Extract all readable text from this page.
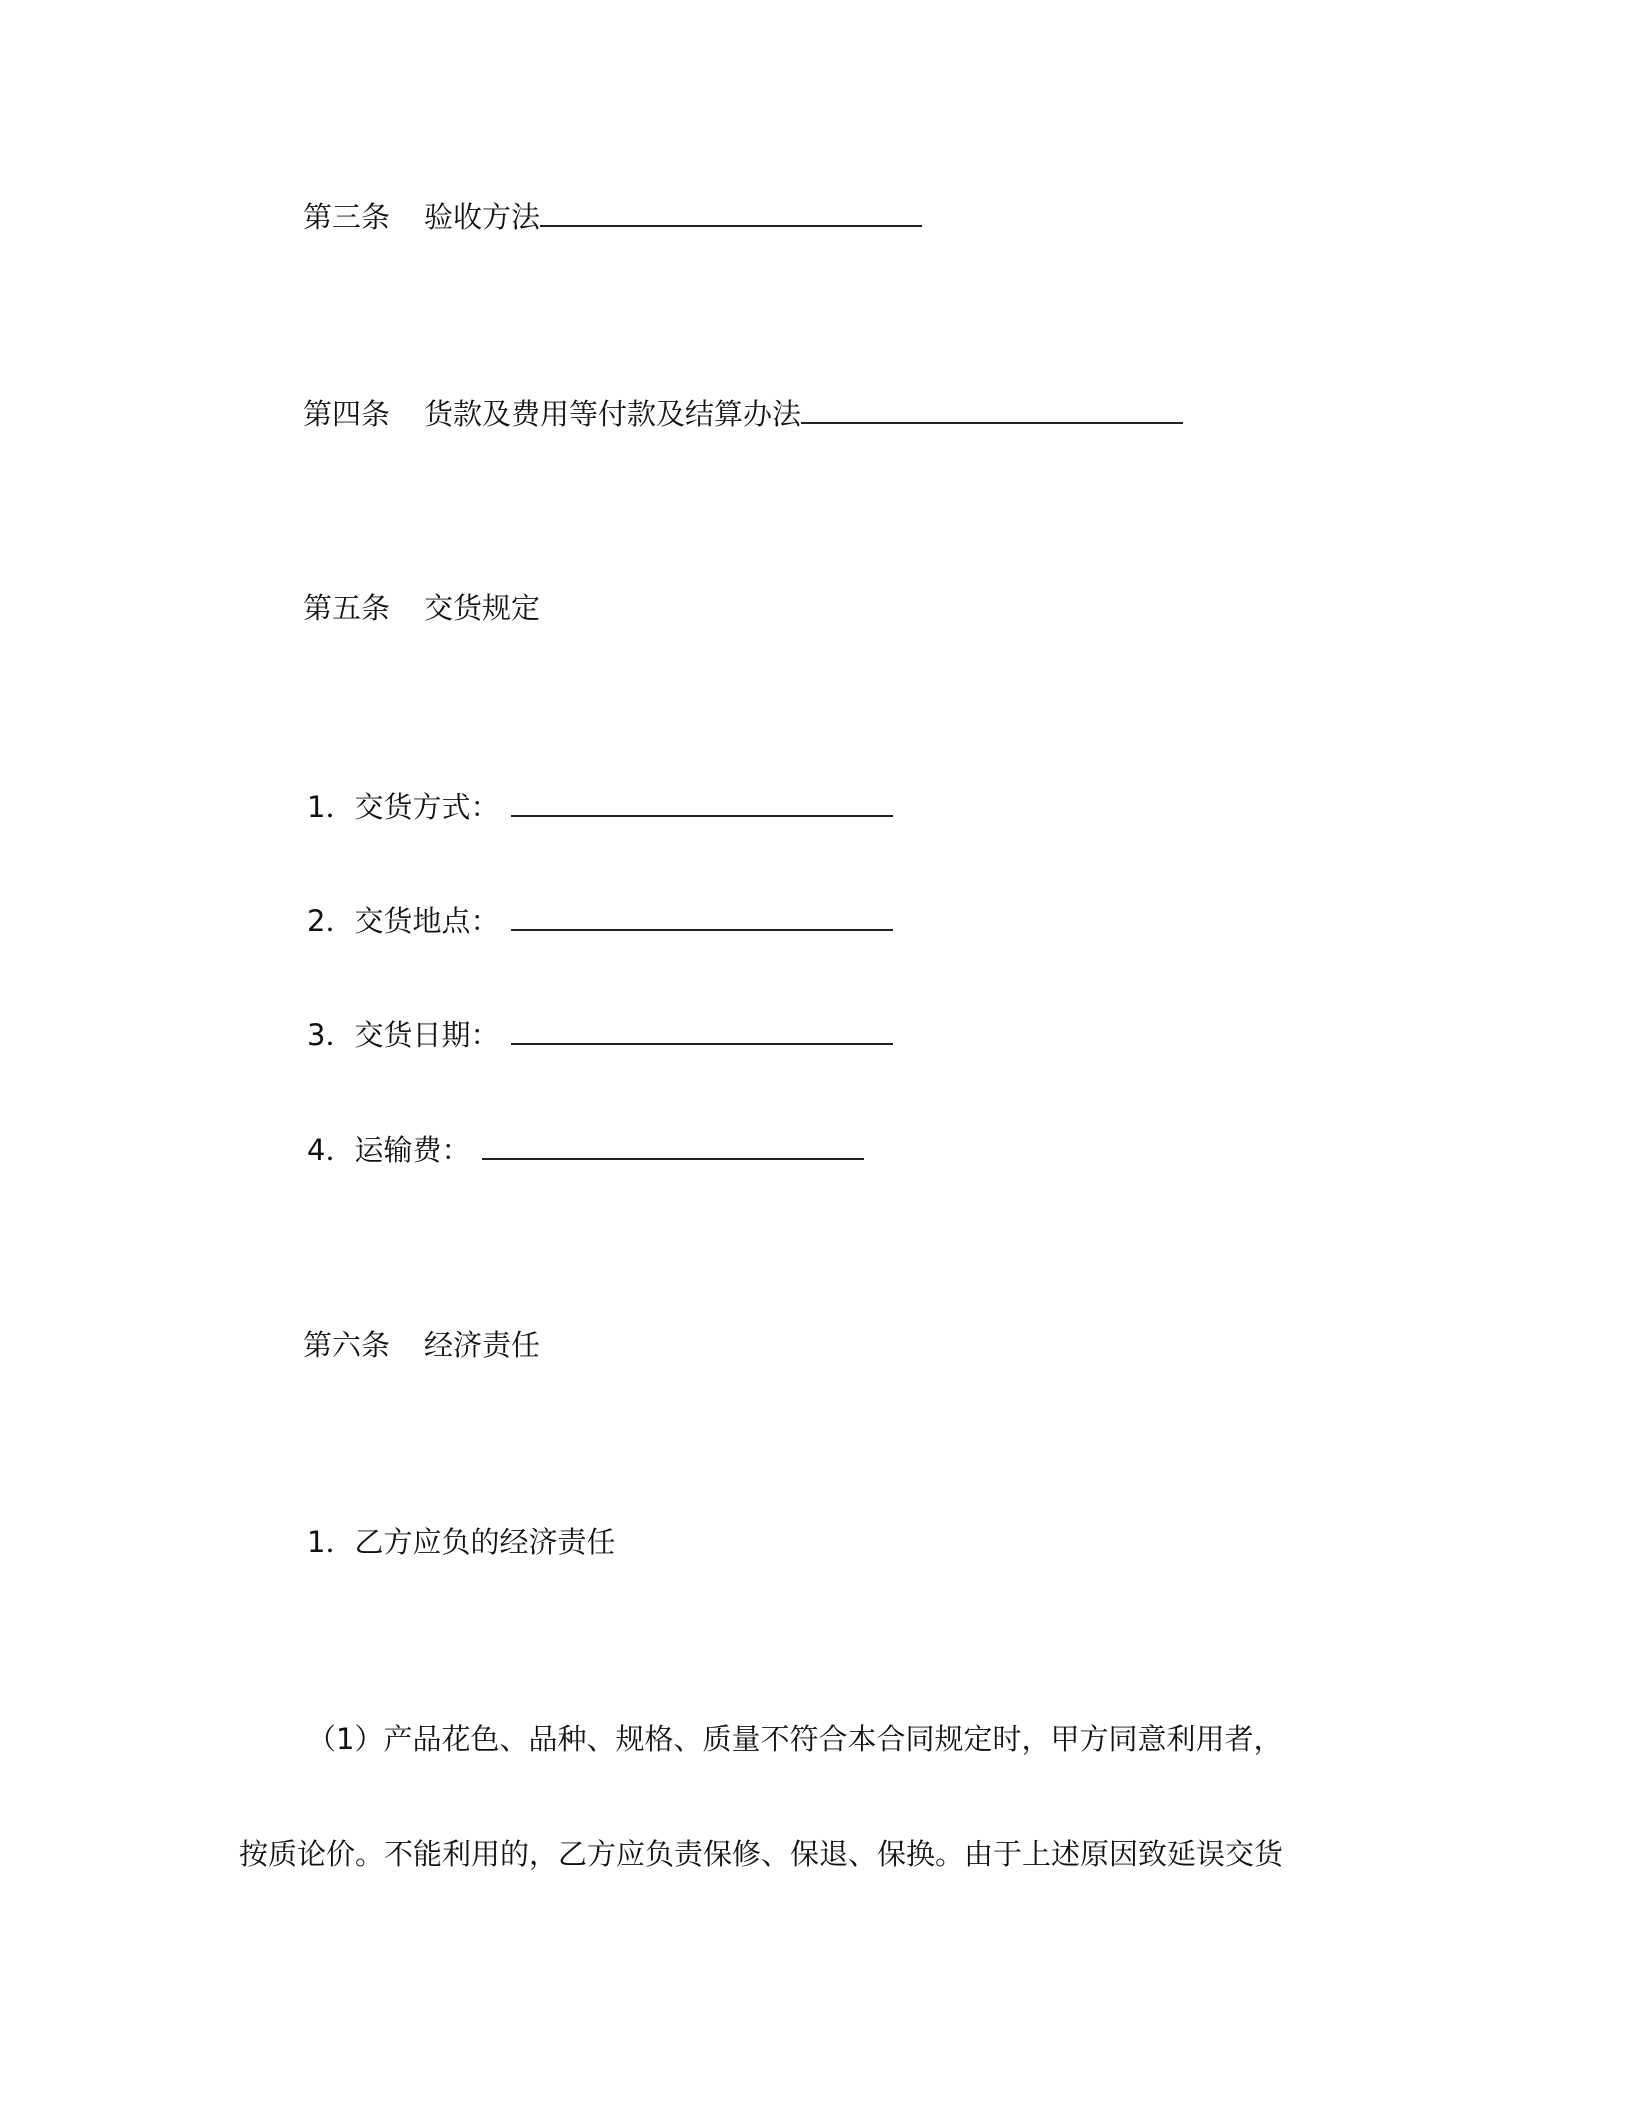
第三条 验收方法
第四条 货款及费用等付款及结算办法
第五条 交货规定
1．交货方式：
2．交货地点：
3．交货日期：
4．运输费：
第六条 经济责任
1．乙方应负的经济责任
（1）产品花色、品种、规格、质量不符合本合同规定时，甲方同意利用者，
按质论价。不能利用的，乙方应负责保修、保退、保换。由于上述原因致延误交货
